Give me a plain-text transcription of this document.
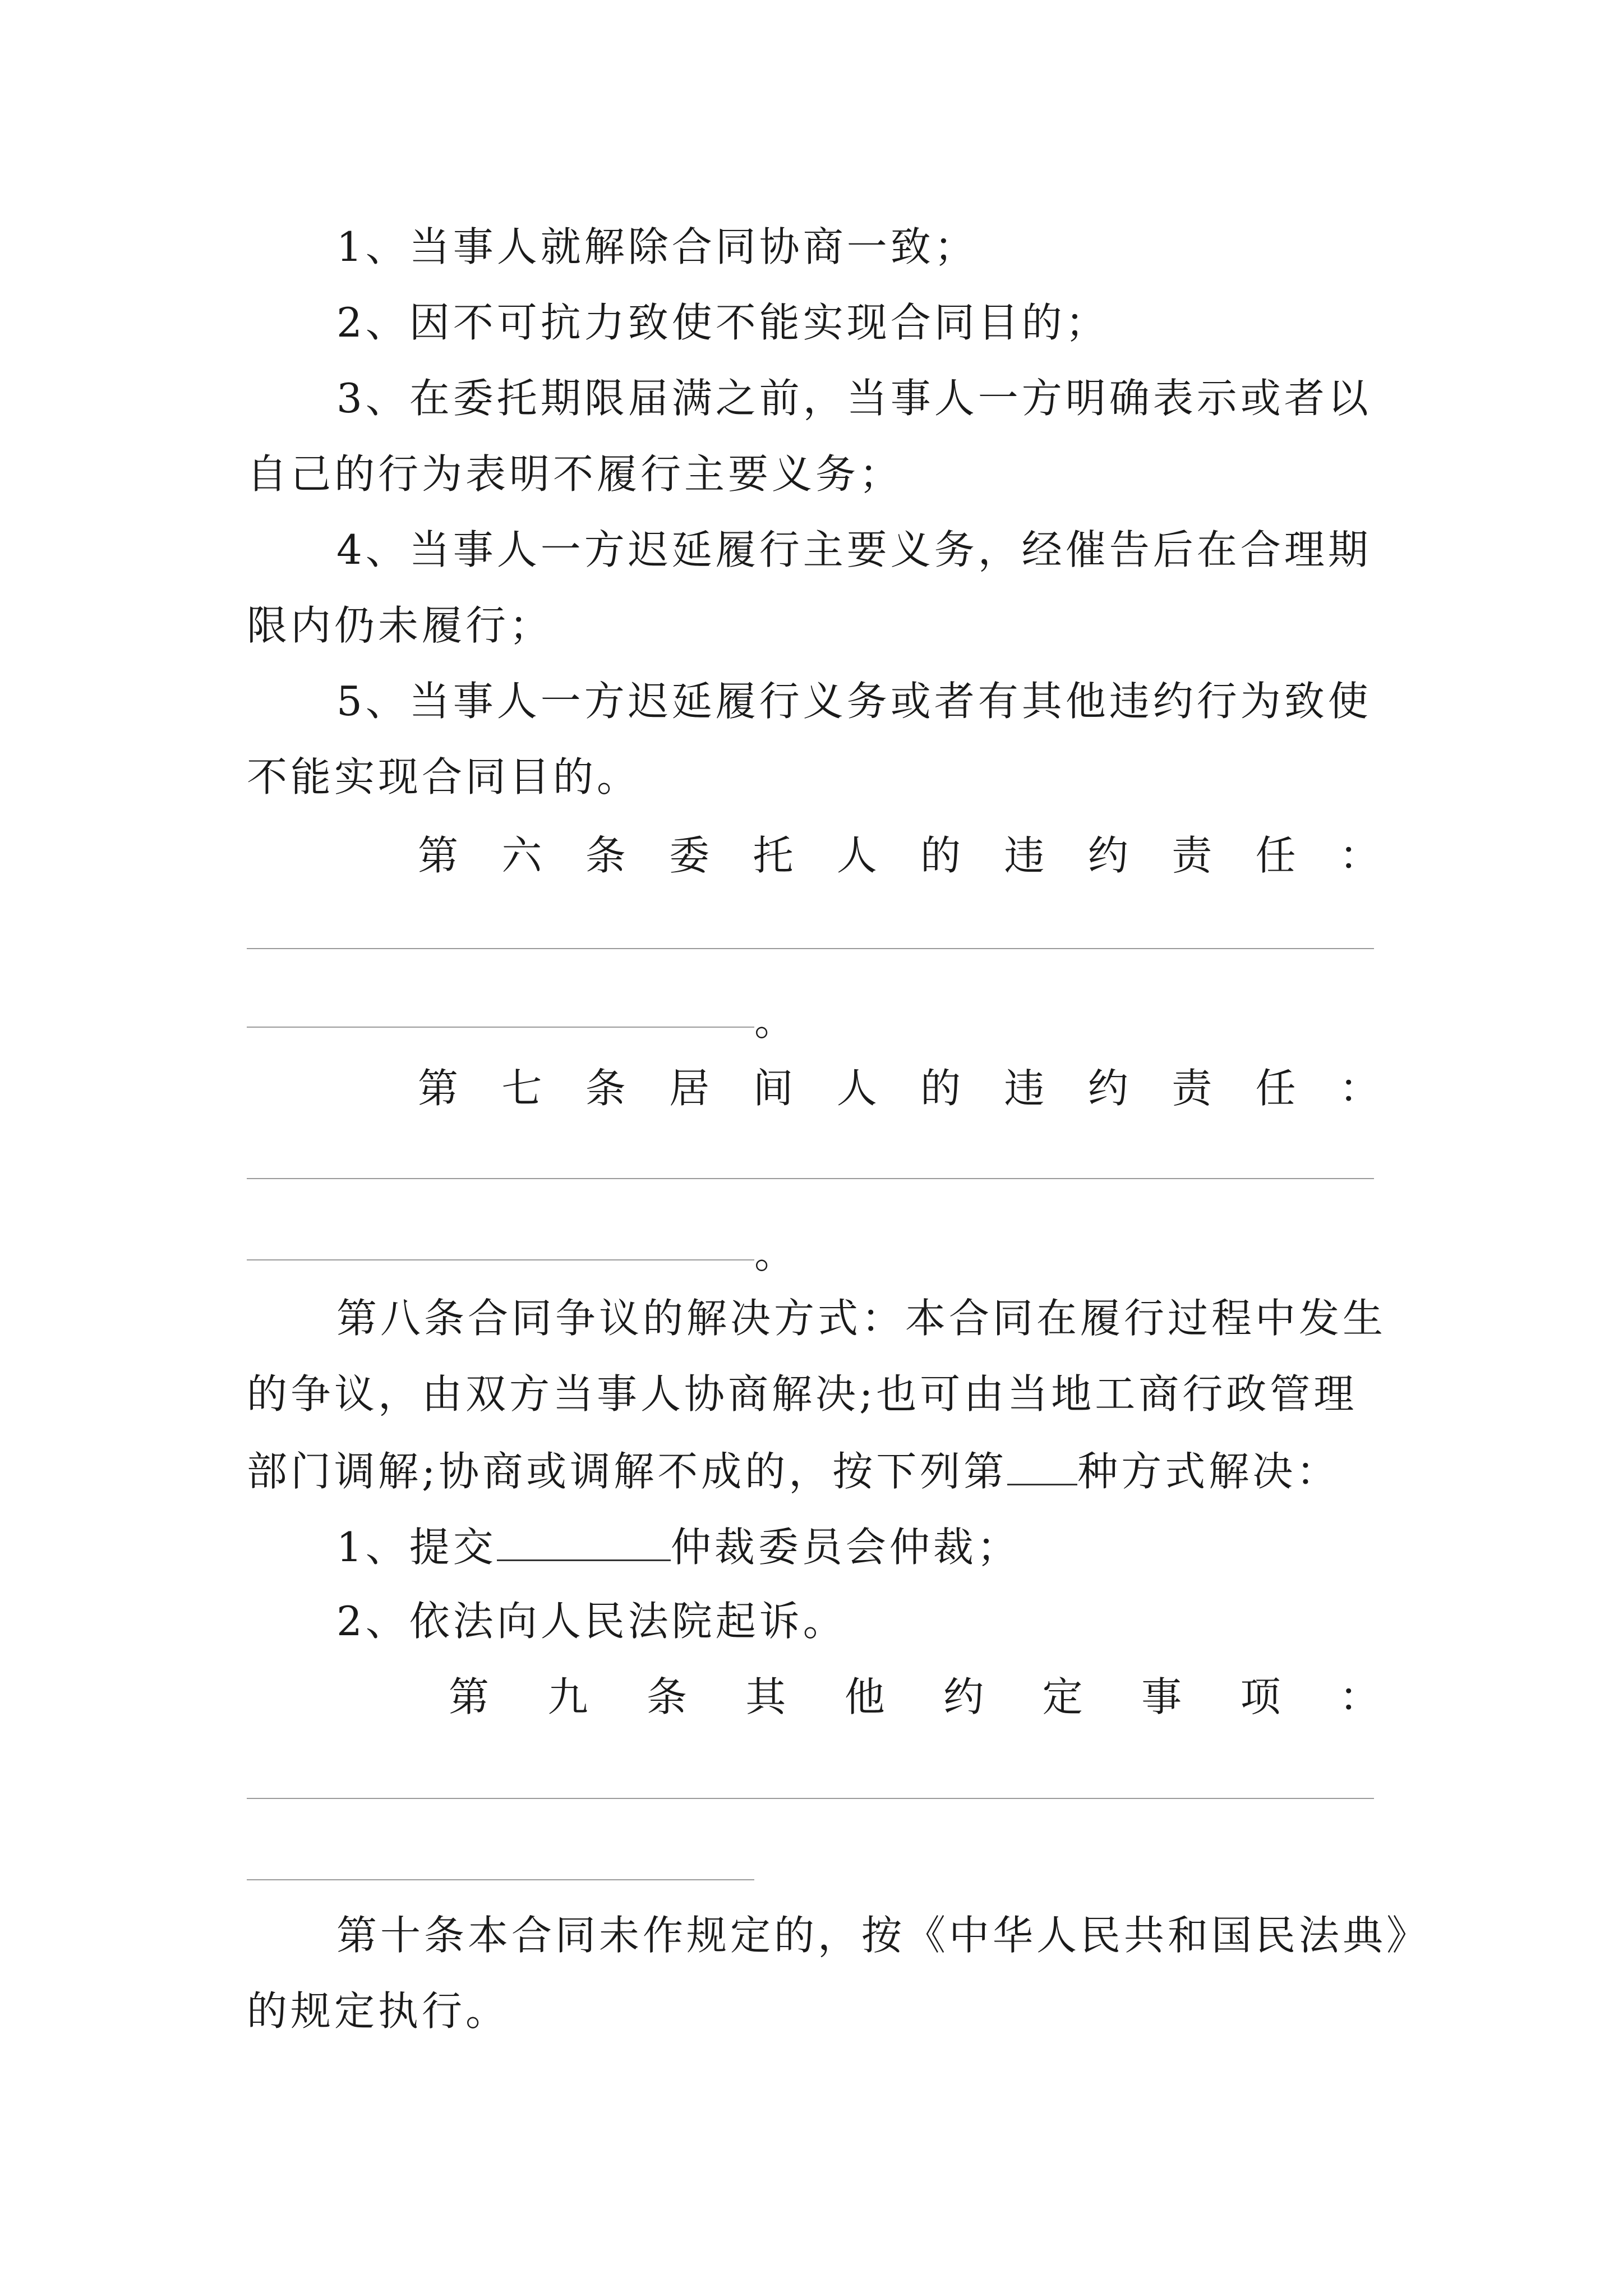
1、当事人就解除合同协商一致；
2、因不可抗力致使不能实现合同目的；
3、在委托期限届满之前，当事人一方明确表示或者以
自己的行为表明不履行主要义务；
4、当事人一方迟延履行主要义务，经催告后在合理期
限内仍未履行；
5、当事人一方迟延履行义务或者有其他违约行为致使
不能实现合同目的。
第 六 条 委 托 人 的 违 约 责 任 ：
。
第 七 条 居 间 人 的 违 约 责 任 ：
。
第八条合同争议的解决方式：本合同在履行过程中发生
的争议，由双方当事人协商解决;也可由当地工商行政管理
部门调解;协商或调解不成的，按下列第 种方式解决：
1、提交	仲裁委员会仲裁；
2、依法向人民法院起诉。
第 九 条 其 他 约 定 事 项 ：
第十条本合同未作规定的，按《中华人民共和国民法典》
的规定执行。
